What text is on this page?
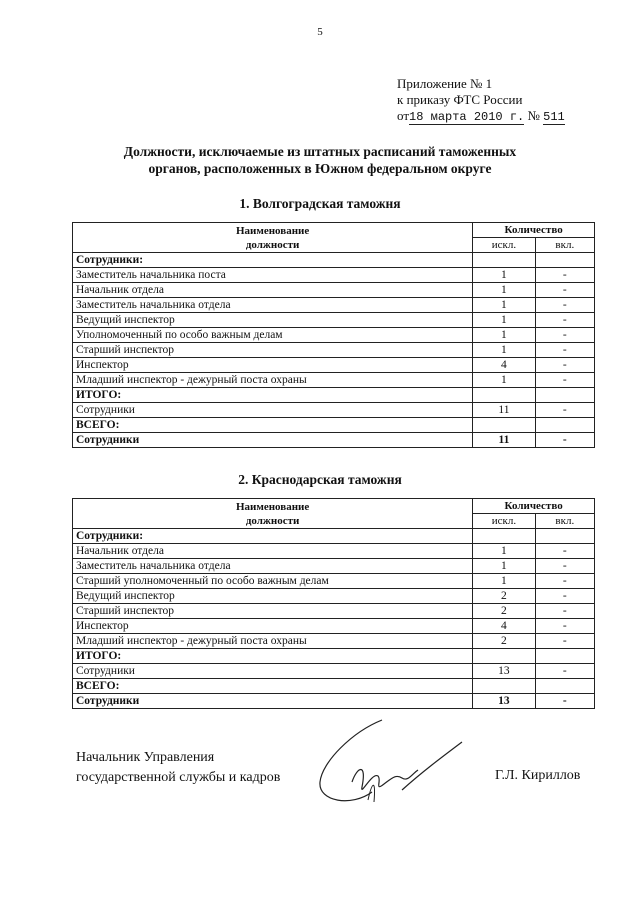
5
Приложение № 1
к приказу ФТС России
от18 марта 2010 г. № 511
Должности, исключаемые из штатных расписаний таможенных
органов, расположенных в Южном федеральном округе
1. Волгоградская таможня
Наименование
должности	Количество	
	искл.	вкл.
Сотрудники:		
Заместитель начальника поста	1	-
Начальник отдела	1	-
Заместитель начальника отдела	1	-
Ведущий инспектор	1	-
Уполномоченный по особо важным делам	1	-
Старший инспектор	1	-
Инспектор	4	-
Младший инспектор - дежурный поста охраны	1	-
ИТОГО:		
Сотрудники	11	-
ВСЕГО:		
Сотрудники	11	-
2. Краснодарская таможня
Наименование
должности	Количество	
	искл.	вкл.
Сотрудники:		
Начальник отдела	1	-
Заместитель начальника отдела	1	-
Старший уполномоченный по особо важным делам	1	-
Ведущий инспектор	2	-
Старший инспектор	2	-
Инспектор	4	-
Младший инспектор - дежурный поста охраны	2	-
ИТОГО:		
Сотрудники	13	-
ВСЕГО:		
Сотрудники	13	-
Начальник Управления
государственной службы и кадров	Г.Л. Кириллов
